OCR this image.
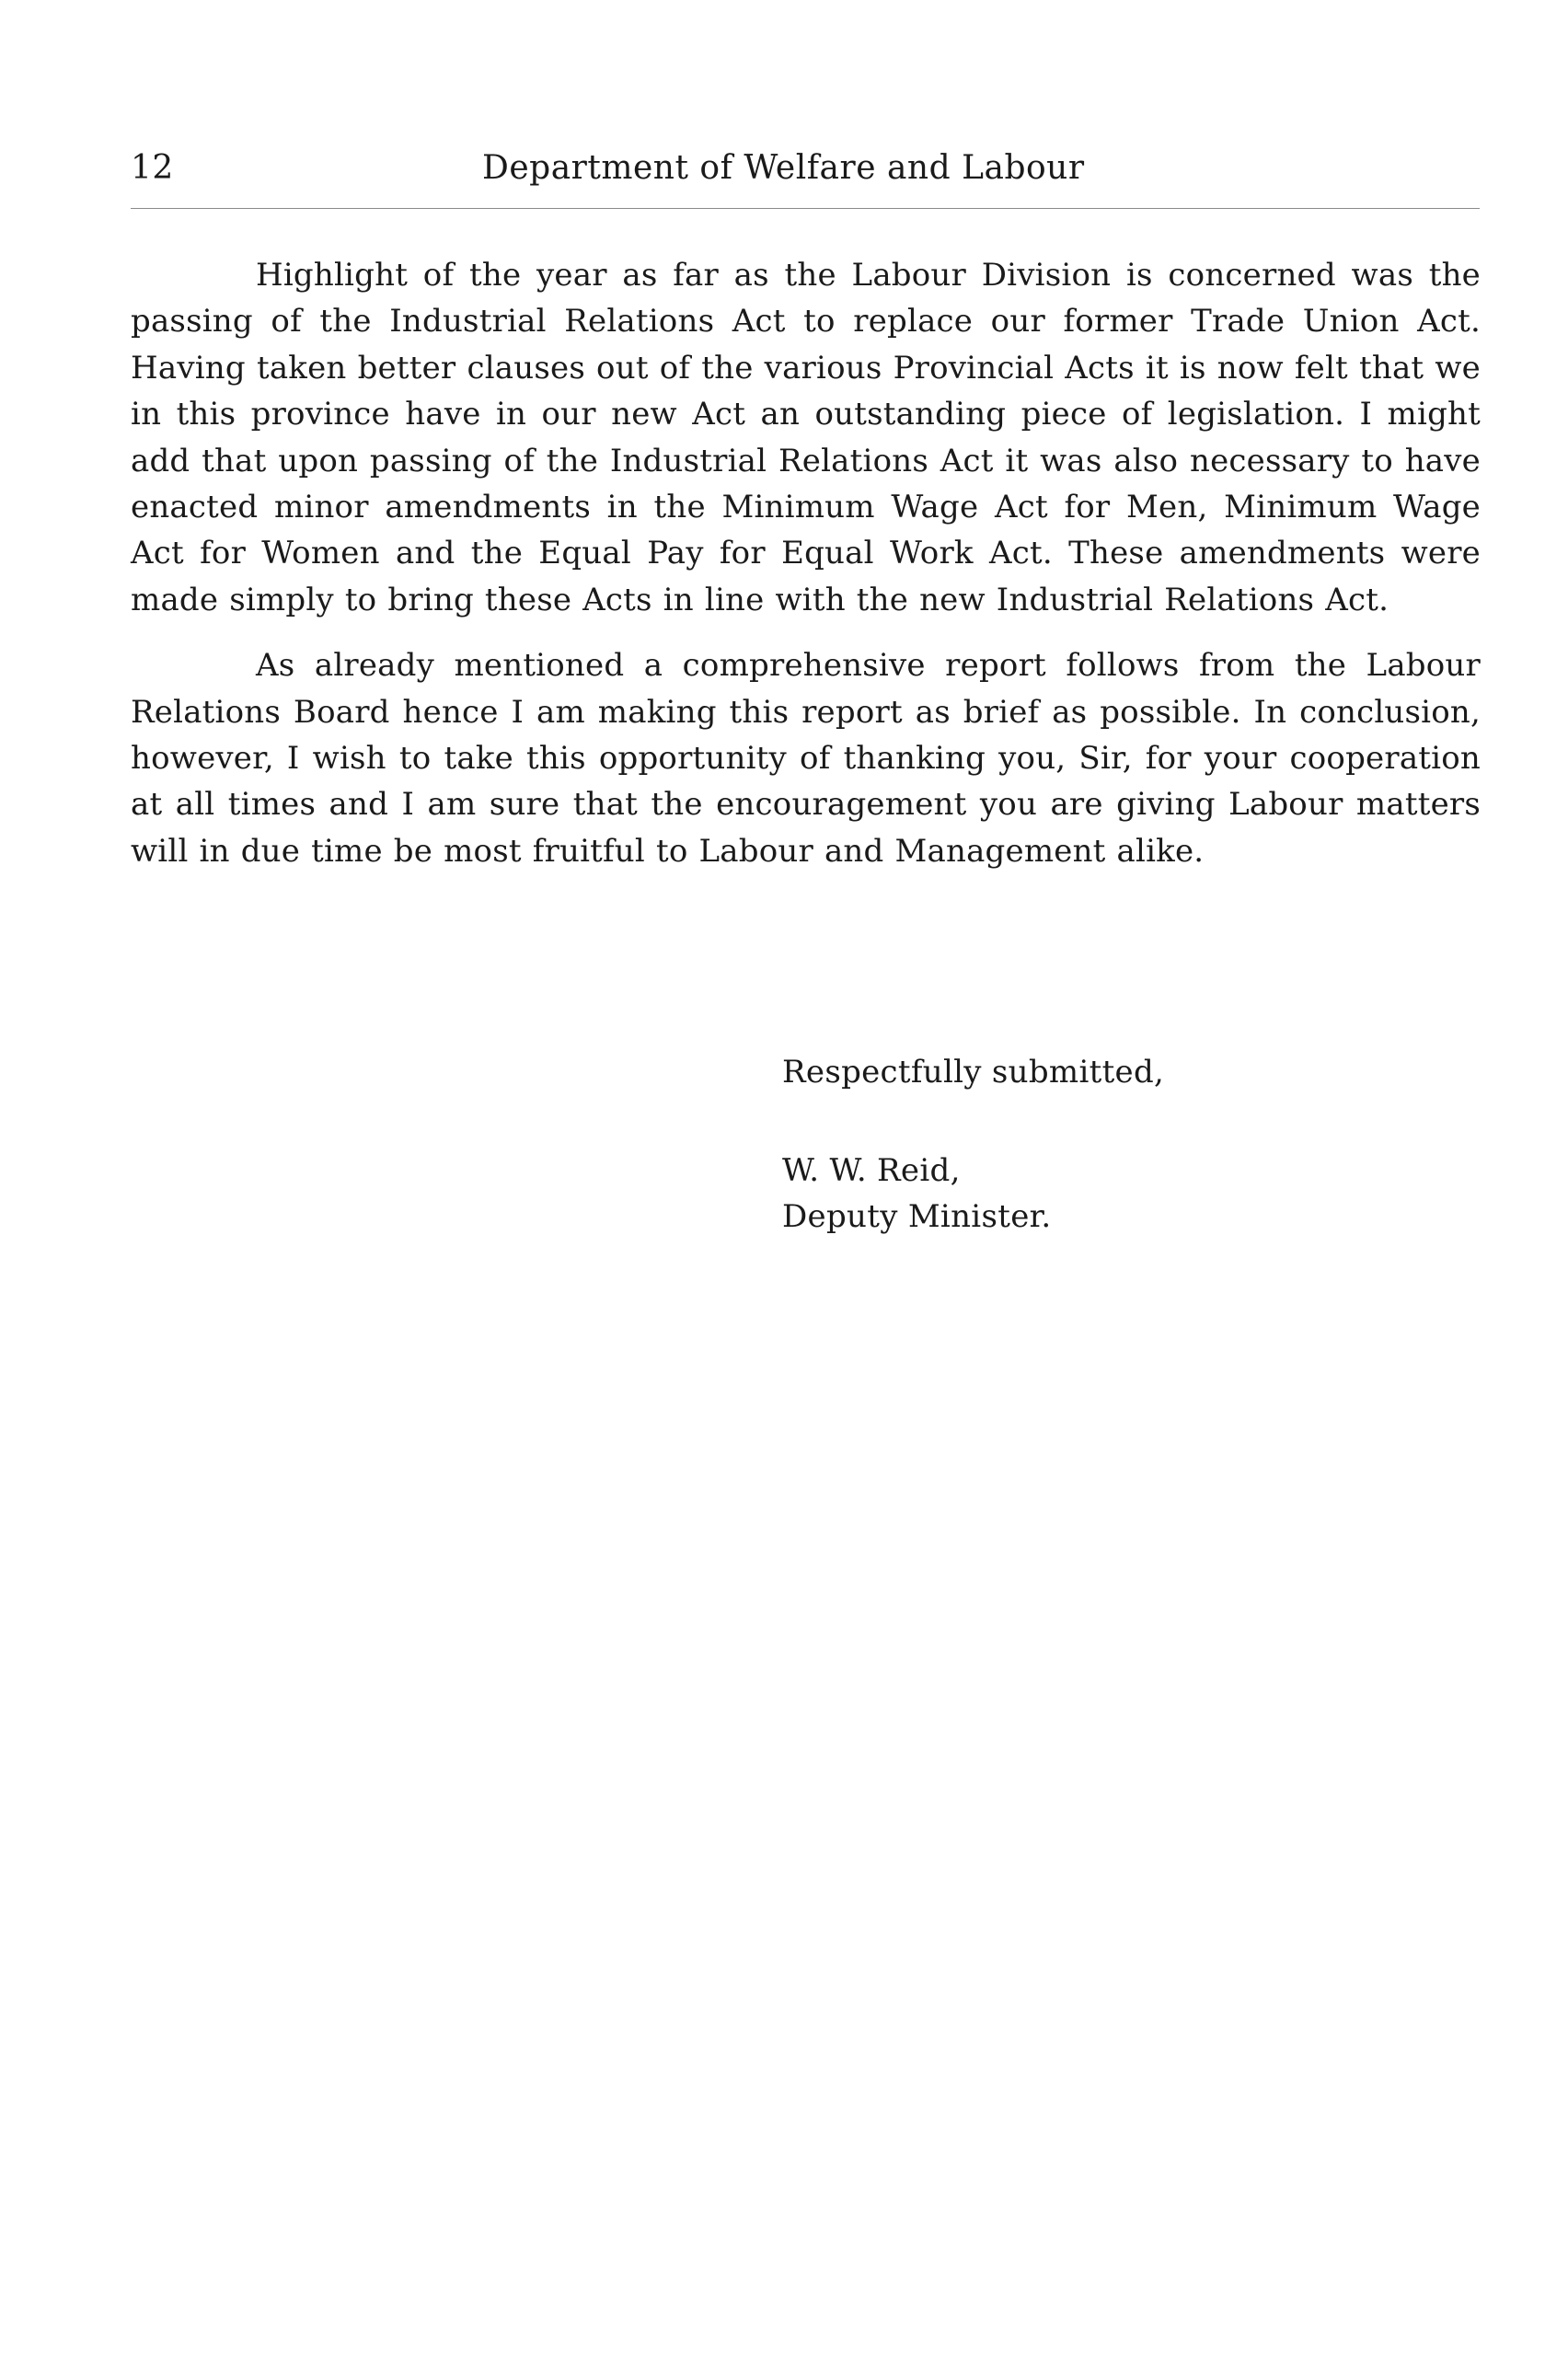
12	Department of Welfare and Labour

Highlight of the year as far as the Labour Division is concerned was the passing of the Industrial Relations Act to replace our former Trade Union Act. Having taken better clauses out of the various Provincial Acts it is now felt that we in this province have in our new Act an outstanding piece of legislation. I might add that upon passing of the Industrial Relations Act it was also necessary to have enacted minor amendments in the Minimum Wage Act for Men, Minimum Wage Act for Women and the Equal Pay for Equal Work Act. These amendments were made simply to bring these Acts in line with the new Industrial Relations Act.

As already mentioned a comprehensive report follows from the Labour Relations Board hence I am making this report as brief as possible. In conclusion, however, I wish to take this opportunity of thanking you, Sir, for your cooperation at all times and I am sure that the encouragement you are giving Labour matters will in due time be most fruitful to Labour and Management alike.

Respectfully submitted,
W. W. Reid,
Deputy Minister.
